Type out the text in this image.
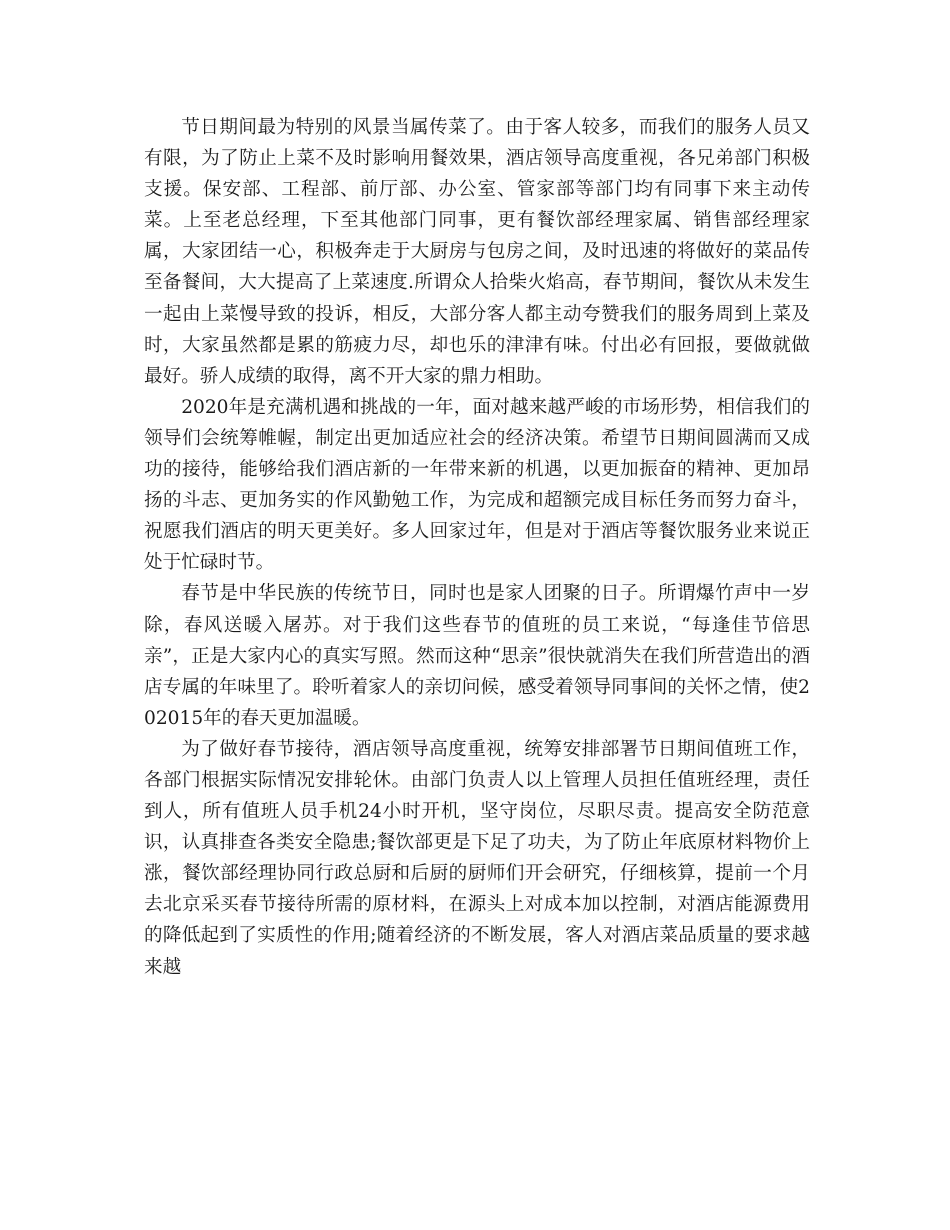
节日期间最为特别的风景当属传菜了。由于客人较多，而我们的服务人员又有限，为了防止上菜不及时影响用餐效果，酒店领导高度重视，各兄弟部门积极支援。保安部、工程部、前厅部、办公室、管家部等部门均有同事下来主动传菜。上至老总经理，下至其他部门同事，更有餐饮部经理家属、销售部经理家属，大家团结一心，积极奔走于大厨房与包房之间，及时迅速的将做好的菜品传至备餐间，大大提高了上菜速度.所谓众人拾柴火焰高，春节期间，餐饮从未发生一起由上菜慢导致的投诉，相反，大部分客人都主动夸赞我们的服务周到上菜及时，大家虽然都是累的筋疲力尽，却也乐的津津有味。付出必有回报，要做就做最好。骄人成绩的取得，离不开大家的鼎力相助。

2020年是充满机遇和挑战的一年，面对越来越严峻的市场形势，相信我们的领导们会统筹帷幄，制定出更加适应社会的经济决策。希望节日期间圆满而又成功的接待，能够给我们酒店新的一年带来新的机遇，以更加振奋的精神、更加昂扬的斗志、更加务实的作风勤勉工作，为完成和超额完成目标任务而努力奋斗，祝愿我们酒店的明天更美好。多人回家过年，但是对于酒店等餐饮服务业来说正处于忙碌时节。

春节是中华民族的传统节日，同时也是家人团聚的日子。所谓爆竹声中一岁除，春风送暖入屠苏。对于我们这些春节的值班的员工来说，“每逢佳节倍思亲”，正是大家内心的真实写照。然而这种“思亲”很快就消失在我们所营造出的酒店专属的年味里了。聆听着家人的亲切问候，感受着领导同事间的关怀之情，使202015年的春天更加温暖。

为了做好春节接待，酒店领导高度重视，统筹安排部署节日期间值班工作，各部门根据实际情况安排轮休。由部门负责人以上管理人员担任值班经理，责任到人，所有值班人员手机24小时开机，坚守岗位，尽职尽责。提高安全防范意识，认真排查各类安全隐患;餐饮部更是下足了功夫，为了防止年底原材料物价上涨，餐饮部经理协同行政总厨和后厨的厨师们开会研究，仔细核算，提前一个月去北京采买春节接待所需的原材料，在源头上对成本加以控制，对酒店能源费用的降低起到了实质性的作用;随着经济的不断发展，客人对酒店菜品质量的要求越来越
